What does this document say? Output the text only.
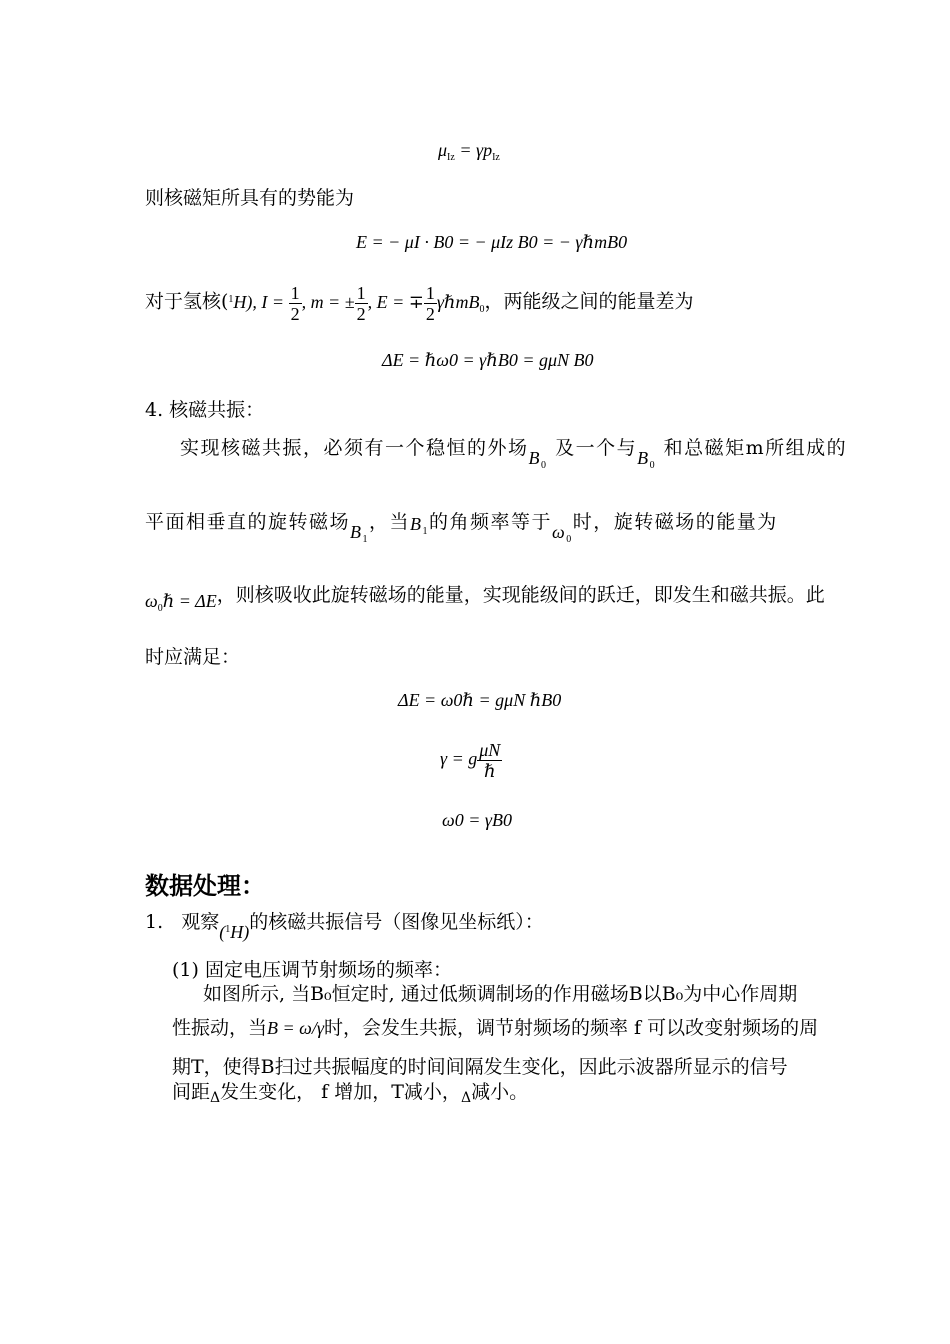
$\mu_{Iz} = \gamma p_{Iz}$
则核磁矩所具有的势能为
E = − μI · B0 = − μIz B0 = − γℏmB0
对于氢核($^1$H), $I = \frac{1}{2}$ , m = ± $\frac{1}{2}$ , E = ∓ $\frac{1}{2}$ γℏmB$_0$，两能级之间的能量差为
ΔE = ℏω0 = γℏB0 = gμN B0
4. 核磁共振：
实现核磁共振，必须有一个稳恒的外场$B_0$ 及一个与$B_0$ 和总磁矩m所组成的
平面相垂直的旋转磁场$B_1$，当$B_1$的角频率等于$\omega_0$时，旋转磁场的能量为
$\omega_0\hbar = \Delta E$，则核吸收此旋转磁场的能量，实现能级间的跃迁，即发生和磁共振。此
时应满足：
ΔE = ω0ℏ = gμN ℏB0
γ = g $\frac{\mu N}{\text{ℏ}}$
ω0 = γB0
数据处理：
1. 观察($^1$H)的核磁共振信号（图像见坐标纸）：
(1) 固定电压调节射频场的频率：
如图所示, 当B₀恒定时, 通过低频调制场的作用磁场B以B₀为中心作周期
性振动，当B = ω/γ时，会发生共振，调节射频场的频率 f 可以改变射频场的周
期T，使得B扫过共振幅度的时间间隔发生变化，因此示波器所显示的信号
间距$_\Delta$发生变化， f 增加，T减小，$_\Delta$减小。
